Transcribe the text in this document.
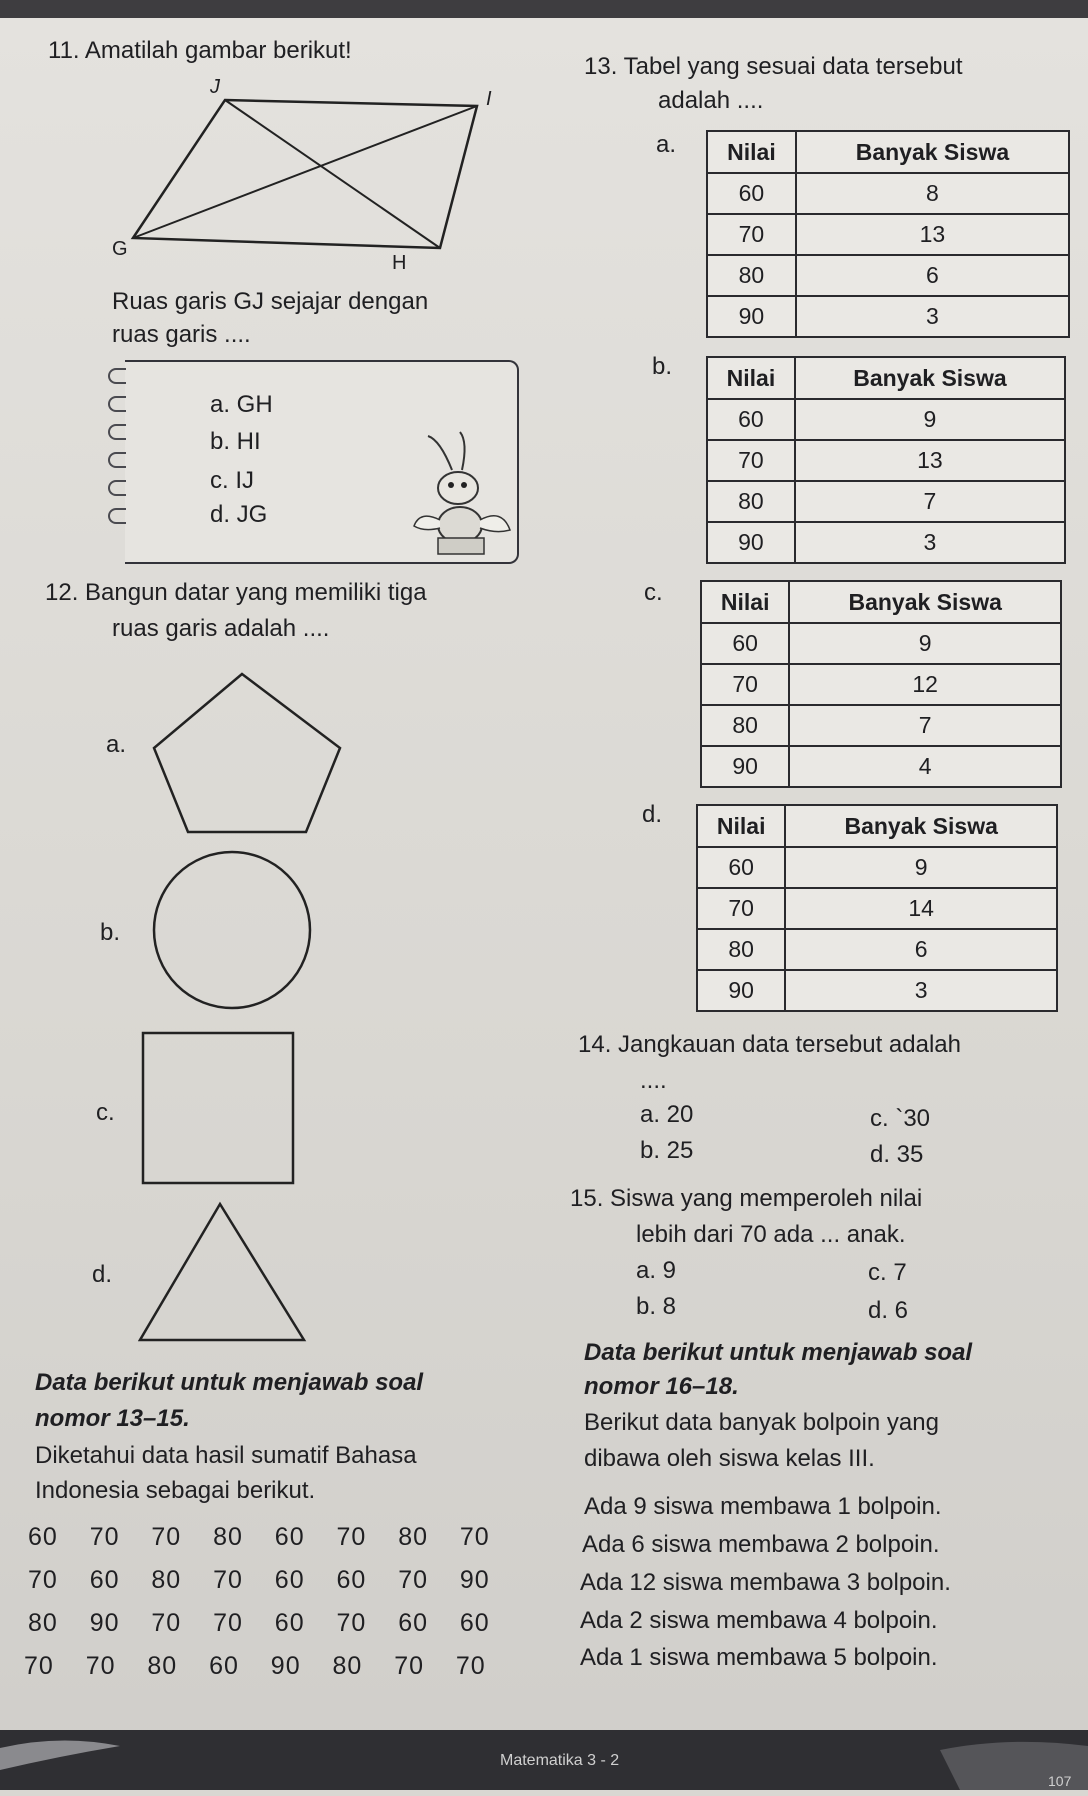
11. Amatilah gambar berikut!
J
I
G
H
Ruas garis GJ sejajar dengan
ruas garis ....
a. GH
b. HI
c. IJ
d. JG
12. Bangun datar yang memiliki tiga
ruas garis adalah ....
a.
b.
c.
d.
Data berikut untuk menjawab soal
nomor 13–15.
Diketahui data hasil sumatif Bahasa
Indonesia sebagai berikut.
60  70  70  80  60  70  80  70
70  60  80  70  60  60  70  90
80  90  70  70  60  70  60  60
70  70  80  60  90  80  70  70
13. Tabel yang sesuai data tersebut
adalah ....
a. Nilai	Banyak Siswa
60	8
70	13
80	6
90	3
b. Nilai	Banyak Siswa
60	9
70	13
80	7
90	3
c.	Nilai	Banyak Siswa
60	9
70	12
80	7
90	4
d. Nilai	Banyak Siswa
60	9
70	14
80	6
90	3
14. Jangkauan data tersebut adalah
....
a. 20	c. `30
b. 25	d. 35
15. Siswa yang memperoleh nilai
lebih dari 70 ada ... anak.
a. 9	c. 7
b. 8	d. 6
Data berikut untuk menjawab soal
nomor 16–18.
Berikut data banyak bolpoin yang
dibawa oleh siswa kelas III.
Ada 9 siswa membawa 1 bolpoin.
Ada 6 siswa membawa 2 bolpoin.
Ada 12 siswa membawa 3 bolpoin.
Ada 2 siswa membawa 4 bolpoin.
Ada 1 siswa membawa 5 bolpoin.
Matematika 3 - 2
107
